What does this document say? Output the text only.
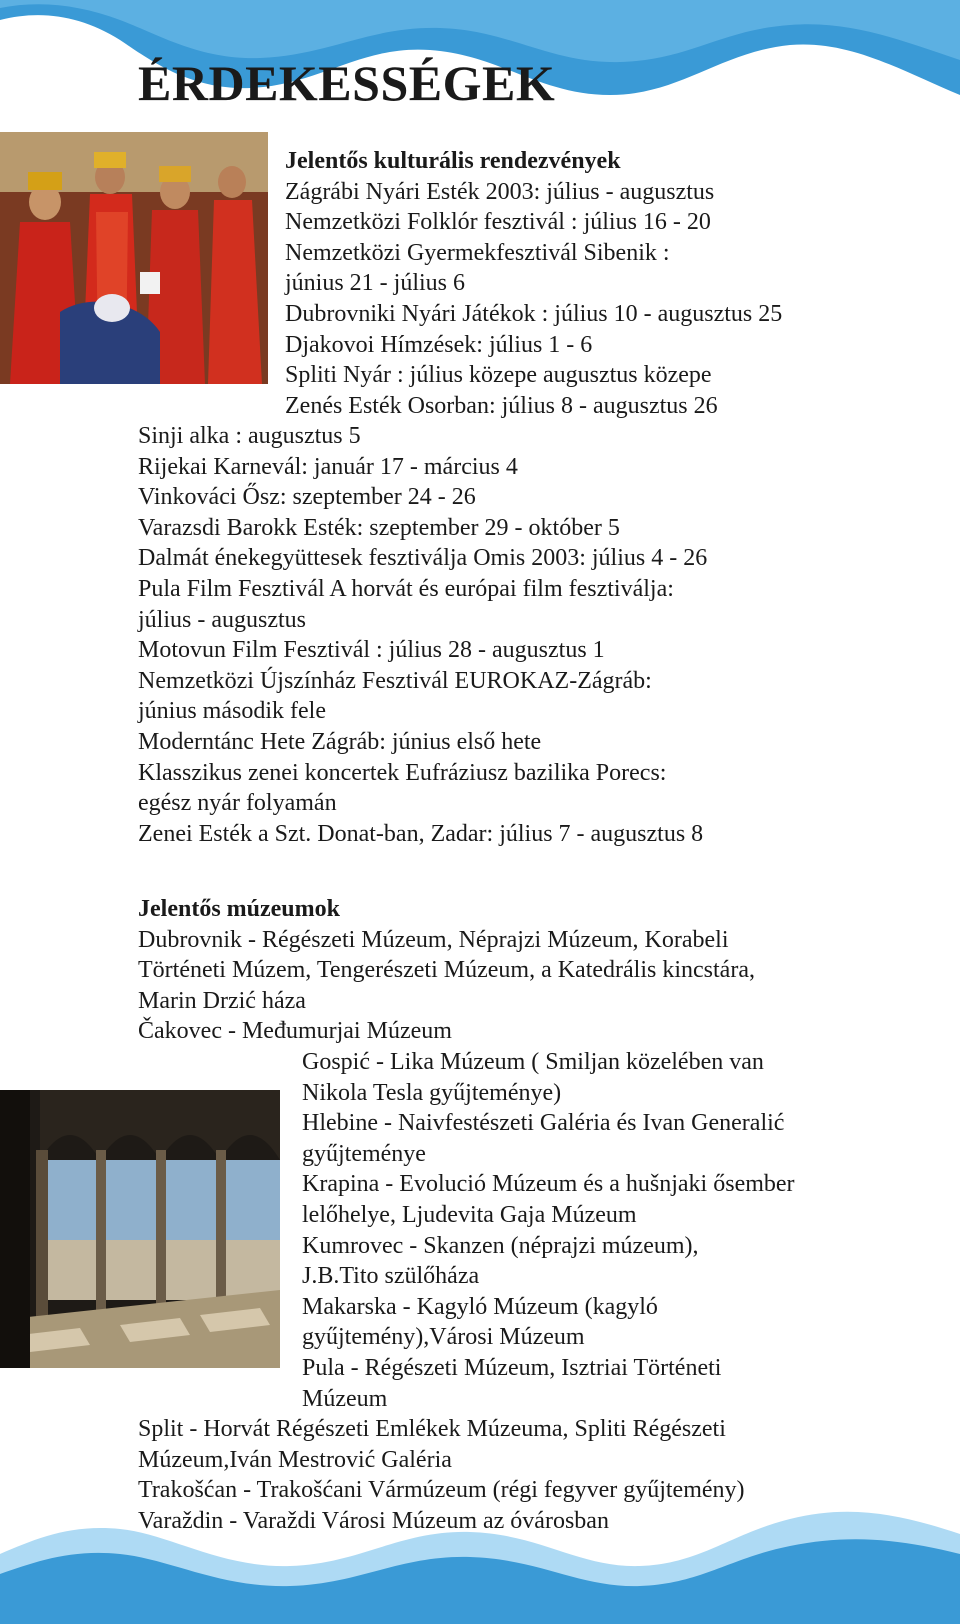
ÉRDEKESSÉGEK
Jelentős kulturális rendezvények
Zágrábi Nyári Esték 2003: július - augusztus
Nemzetközi Folklór fesztivál : július 16 - 20
Nemzetközi Gyermekfesztivál Sibenik :
június 21 - július 6
Dubrovniki Nyári Játékok : július 10 - augusztus 25
Djakovoi Hímzések: július 1 - 6
Spliti Nyár : július közepe augusztus közepe
Zenés Esték Osorban: július 8 - augusztus 26
Sinji alka : augusztus 5
Rijekai Karnevál: január 17 - március 4
Vinkováci Ősz: szeptember 24 - 26
Varazsdi Barokk Esték: szeptember 29 - október 5
Dalmát énekegyüttesek fesztiválja Omis 2003: július 4 - 26
Pula Film Fesztivál A horvát és európai film fesztiválja:
július - augusztus
Motovun Film Fesztivál : július 28 - augusztus 1
Nemzetközi Újszínház Fesztivál EUROKAZ-Zágráb:
június második fele
Moderntánc Hete Zágráb: június első hete
Klasszikus zenei koncertek Eufráziusz bazilika Porecs:
egész nyár folyamán
Zenei Esték a Szt. Donat-ban, Zadar: július 7 - augusztus 8
Jelentős múzeumok
Dubrovnik - Régészeti Múzeum, Néprajzi Múzeum, Korabeli
Történeti Múzem, Tengerészeti Múzeum, a Katedrális kincstára,
Marin Drzić háza
Čakovec - Međumurjai Múzeum
Gospić - Lika Múzeum ( Smiljan közelében van
Nikola Tesla gyűjteménye)
Hlebine - Naivfestészeti Galéria és Ivan Generalić
gyűjteménye
Krapina - Evolució Múzeum és a hušnjaki ősember
lelőhelye, Ljudevita Gaja Múzeum
Kumrovec - Skanzen (néprajzi múzeum),
J.B.Tito szülőháza
Makarska - Kagyló Múzeum (kagyló
gyűjtemény),Városi Múzeum
Pula - Régészeti Múzeum, Isztriai Történeti
Múzeum
Split - Horvát Régészeti Emlékek Múzeuma, Spliti Régészeti
Múzeum,Iván Mestrović Galéria
Trakošćan - Trakošćani Vármúzeum (régi fegyver gyűjtemény)
Varaždin - Varaždi Városi Múzeum az óvárosban
